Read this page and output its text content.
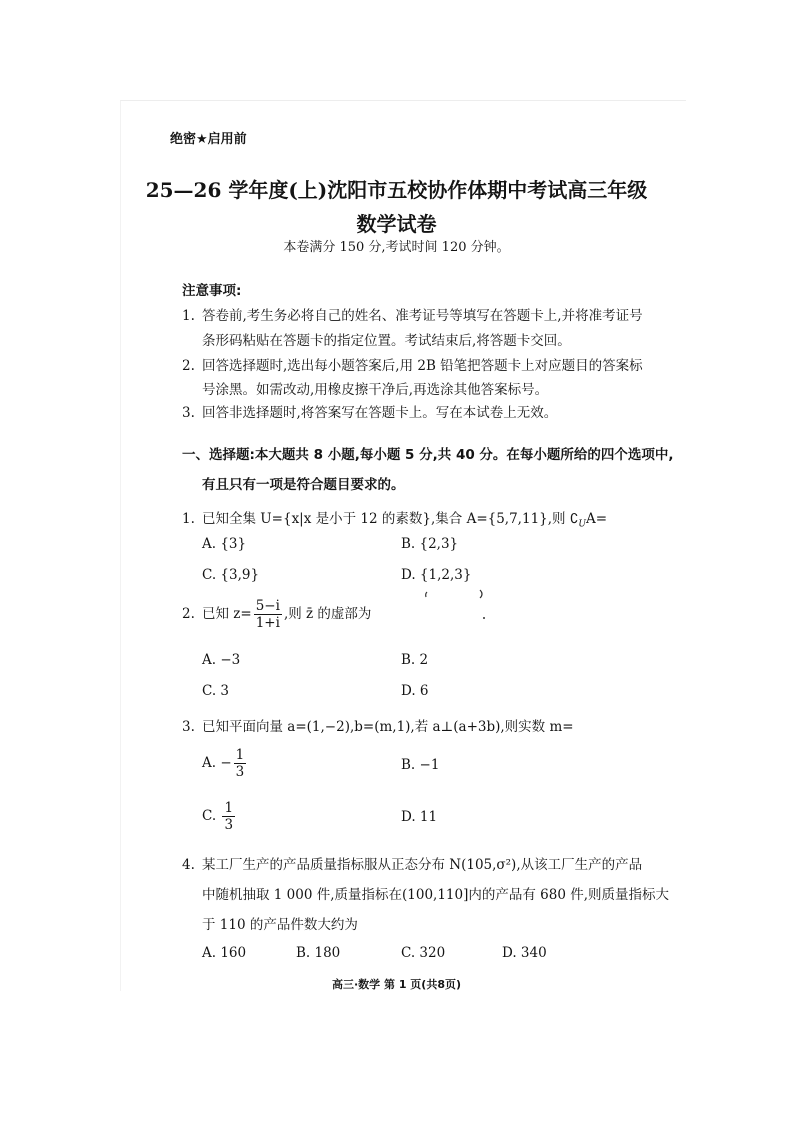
绝密★启用前
25—26 学年度(上)沈阳市五校协作体期中考试高三年级
数学试卷
本卷满分 150 分,考试时间 120 分钟。
注意事项:
1. 答卷前,考生务必将自己的姓名、准考证号等填写在答题卡上,并将准考证号
条形码粘贴在答题卡的指定位置。考试结束后,将答题卡交回。
2. 回答选择题时,选出每小题答案后,用 2B 铅笔把答题卡上对应题目的答案标
号涂黑。如需改动,用橡皮擦干净后,再选涂其他答案标号。
3. 回答非选择题时,将答案写在答题卡上。写在本试卷上无效。
一、选择题:本大题共 8 小题,每小题 5 分,共 40 分。在每小题所给的四个选项中,
有且只有一项是符合题目要求的。
1. 已知全集 U={x|x 是小于 12 的素数},集合 A={5,7,11},则 $∁_UA=$
A. {3}	B. {2,3}
C. {3,9}	D. {1,2,3}
2. 已知 $z= \frac{5-i}{1+i}$ ,则 z̄ 的虚部为
A. −3	B. 2
C. 3	D. 6
3. 已知平面向量 a=(1,−2),b=(m,1),若 a⊥(a+3b),则实数 m=
A. − $\frac{1}{3}$	B. −1
C. $\frac{1}{3}$	D. 11
4. 某工厂生产的产品质量指标服从正态分布 N(105,σ²),从该工厂生产的产品
中随机抽取 1 000 件,质量指标在(100,110]内的产品有 680 件,则质量指标大
于 110 的产品件数大约为
A. 160	B. 180	C. 320	D. 340
高三·数学 第 1 页(共8页)
